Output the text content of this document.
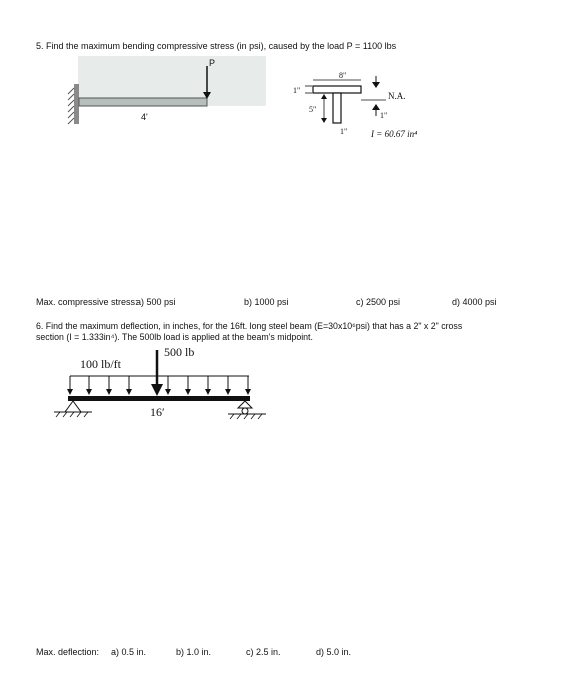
5. Find the maximum bending compressive stress (in psi), caused by the load P = 1100 lbs
P
4'
8"
1"
5"
1"
N.A.
1"
I = 60.67 in⁴
Max. compressive stress:
a) 500 psi	b) 1000 psi	c) 2500 psi	d) 4000 psi
6. Find the maximum deflection, in inches, for the 16ft. long steel beam (E=30x10⁶psi) that has a 2" x 2" cross
section (I = 1.333in⁴). The 500lb load is applied at the beam's midpoint.
500 lb
100 lb/ft
16′
Max. deflection: a) 0.5 in.	b) 1.0 in.	c) 2.5 in.	d) 5.0 in.
